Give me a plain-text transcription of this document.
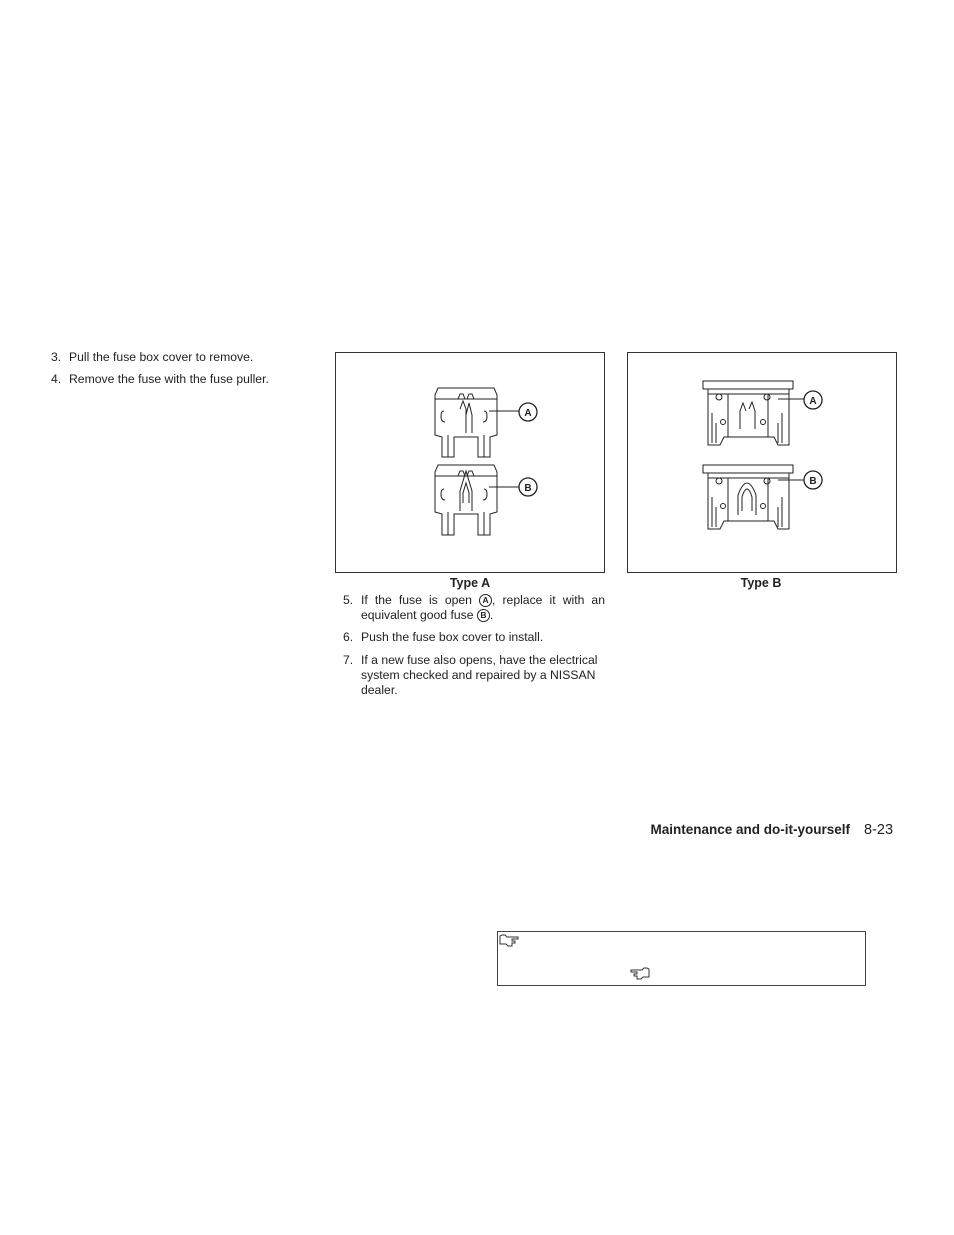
3. Pull the fuse box cover to remove.
4. Remove the fuse with the fuse puller.
A
B
Type A
A
B
Type B
5. If the fuse is open A , replace it with an equivalent good fuse B .
6. Push the fuse box cover to install.
7. If a new fuse also opens, have the electrical system checked and repaired by a NISSAN dealer.
Maintenance and do-it-yourself 8-23
